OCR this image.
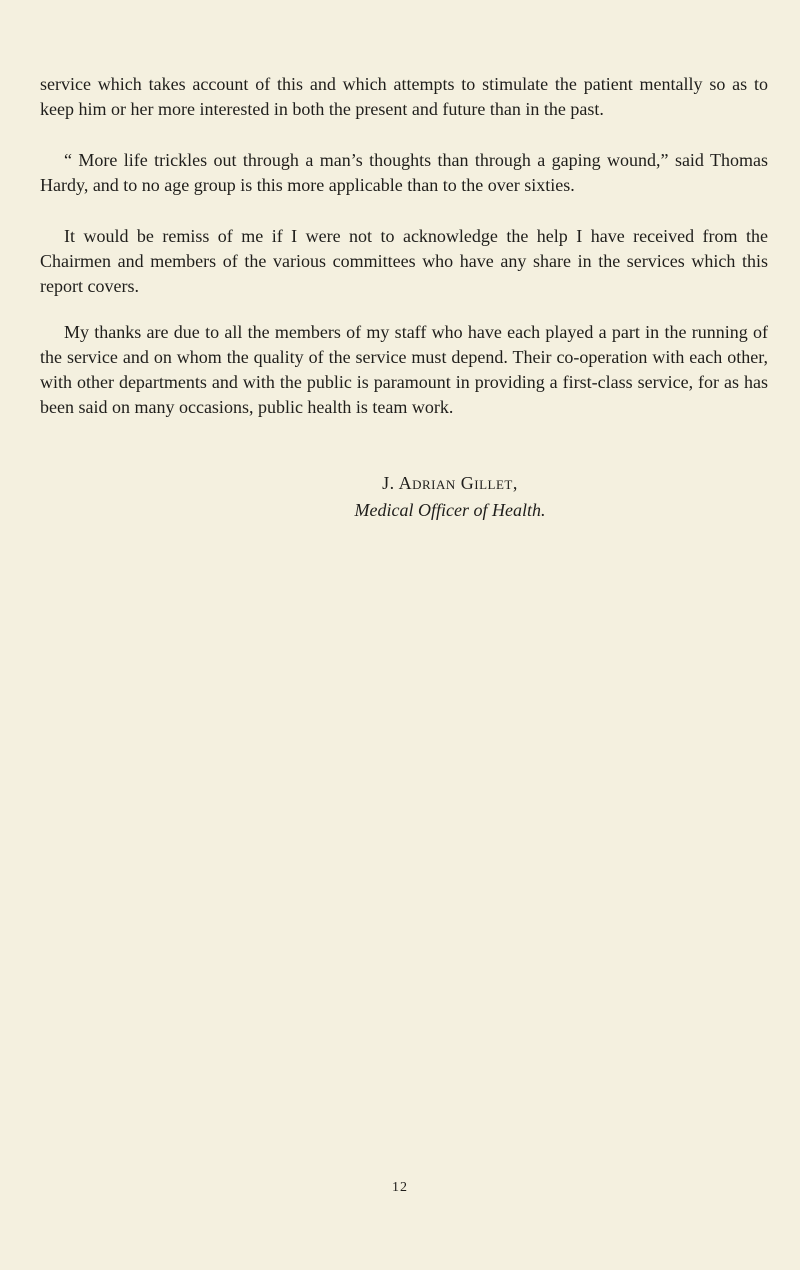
service which takes account of this and which attempts to stimulate the patient mentally so as to keep him or her more interested in both the present and future than in the past.

“ More life trickles out through a man’s thoughts than through a gaping wound,” said Thomas Hardy, and to no age group is this more applicable than to the over sixties.

It would be remiss of me if I were not to acknowledge the help I have received from the Chairmen and members of the various committees who have any share in the services which this report covers.

My thanks are due to all the members of my staff who have each played a part in the running of the service and on whom the quality of the service must depend. Their co-operation with each other, with other departments and with the public is paramount in providing a first-class service, for as has been said on many occasions, public health is team work.

J. Adrian Gillet,

Medical Officer of Health.

12
